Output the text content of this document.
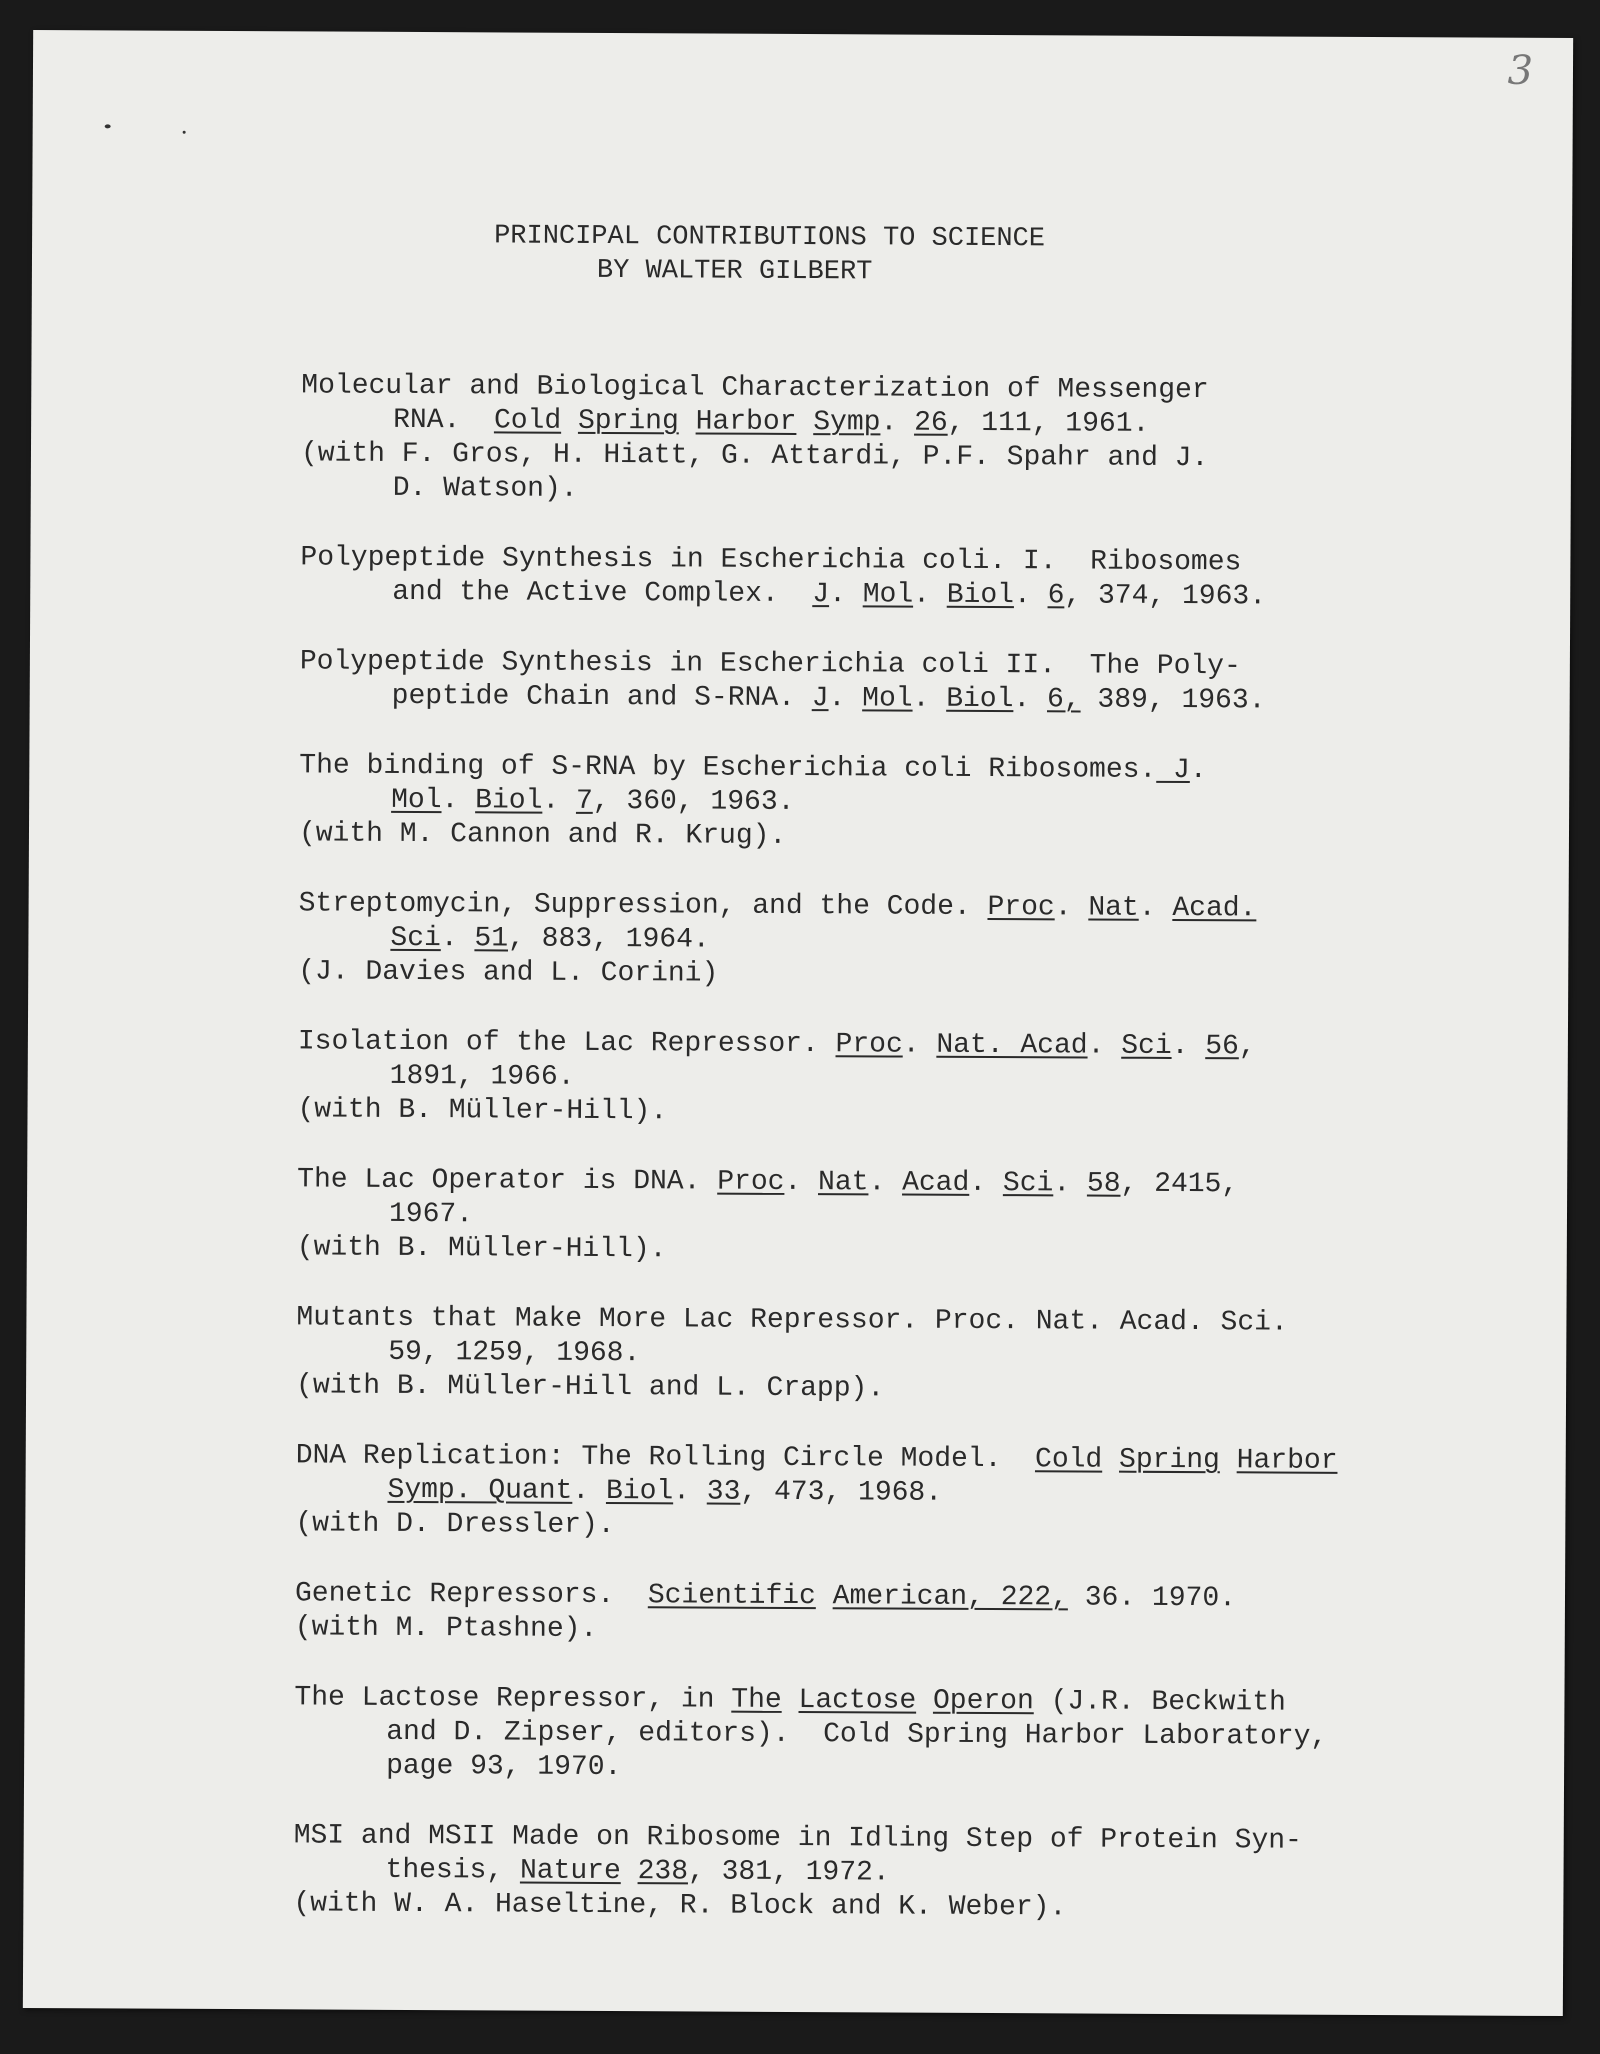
3
PRINCIPAL CONTRIBUTIONS TO SCIENCE
BY WALTER GILBERT
Molecular and Biological Characterization of Messenger
RNA.  Cold Spring Harbor Symp. 26, 111, 1961.
(with F. Gros, H. Hiatt, G. Attardi, P.F. Spahr and J.
D. Watson).
Polypeptide Synthesis in Escherichia coli. I.  Ribosomes
and the Active Complex.  J. Mol. Biol. 6, 374, 1963.
Polypeptide Synthesis in Escherichia coli II.  The Poly-
peptide Chain and S-RNA. J. Mol. Biol. 6, 389, 1963.
The binding of S-RNA by Escherichia coli Ribosomes. J.
Mol. Biol. 7, 360, 1963.
(with M. Cannon and R. Krug).
Streptomycin, Suppression, and the Code. Proc. Nat. Acad.
Sci. 51, 883, 1964.
(J. Davies and L. Corini)
Isolation of the Lac Repressor. Proc. Nat. Acad. Sci. 56,
1891, 1966.
(with B. Müller-Hill).
The Lac Operator is DNA. Proc. Nat. Acad. Sci. 58, 2415,
1967.
(with B. Müller-Hill).
Mutants that Make More Lac Repressor. Proc. Nat. Acad. Sci.
59, 1259, 1968.
(with B. Müller-Hill and L. Crapp).
DNA Replication: The Rolling Circle Model.  Cold Spring Harbor
Symp. Quant. Biol. 33, 473, 1968.
(with D. Dressler).
Genetic Repressors.  Scientific American, 222, 36. 1970.
(with M. Ptashne).
The Lactose Repressor, in The Lactose Operon (J.R. Beckwith
and D. Zipser, editors).  Cold Spring Harbor Laboratory,
page 93, 1970.
MSI and MSII Made on Ribosome in Idling Step of Protein Syn-
thesis, Nature 238, 381, 1972.
(with W. A. Haseltine, R. Block and K. Weber).
